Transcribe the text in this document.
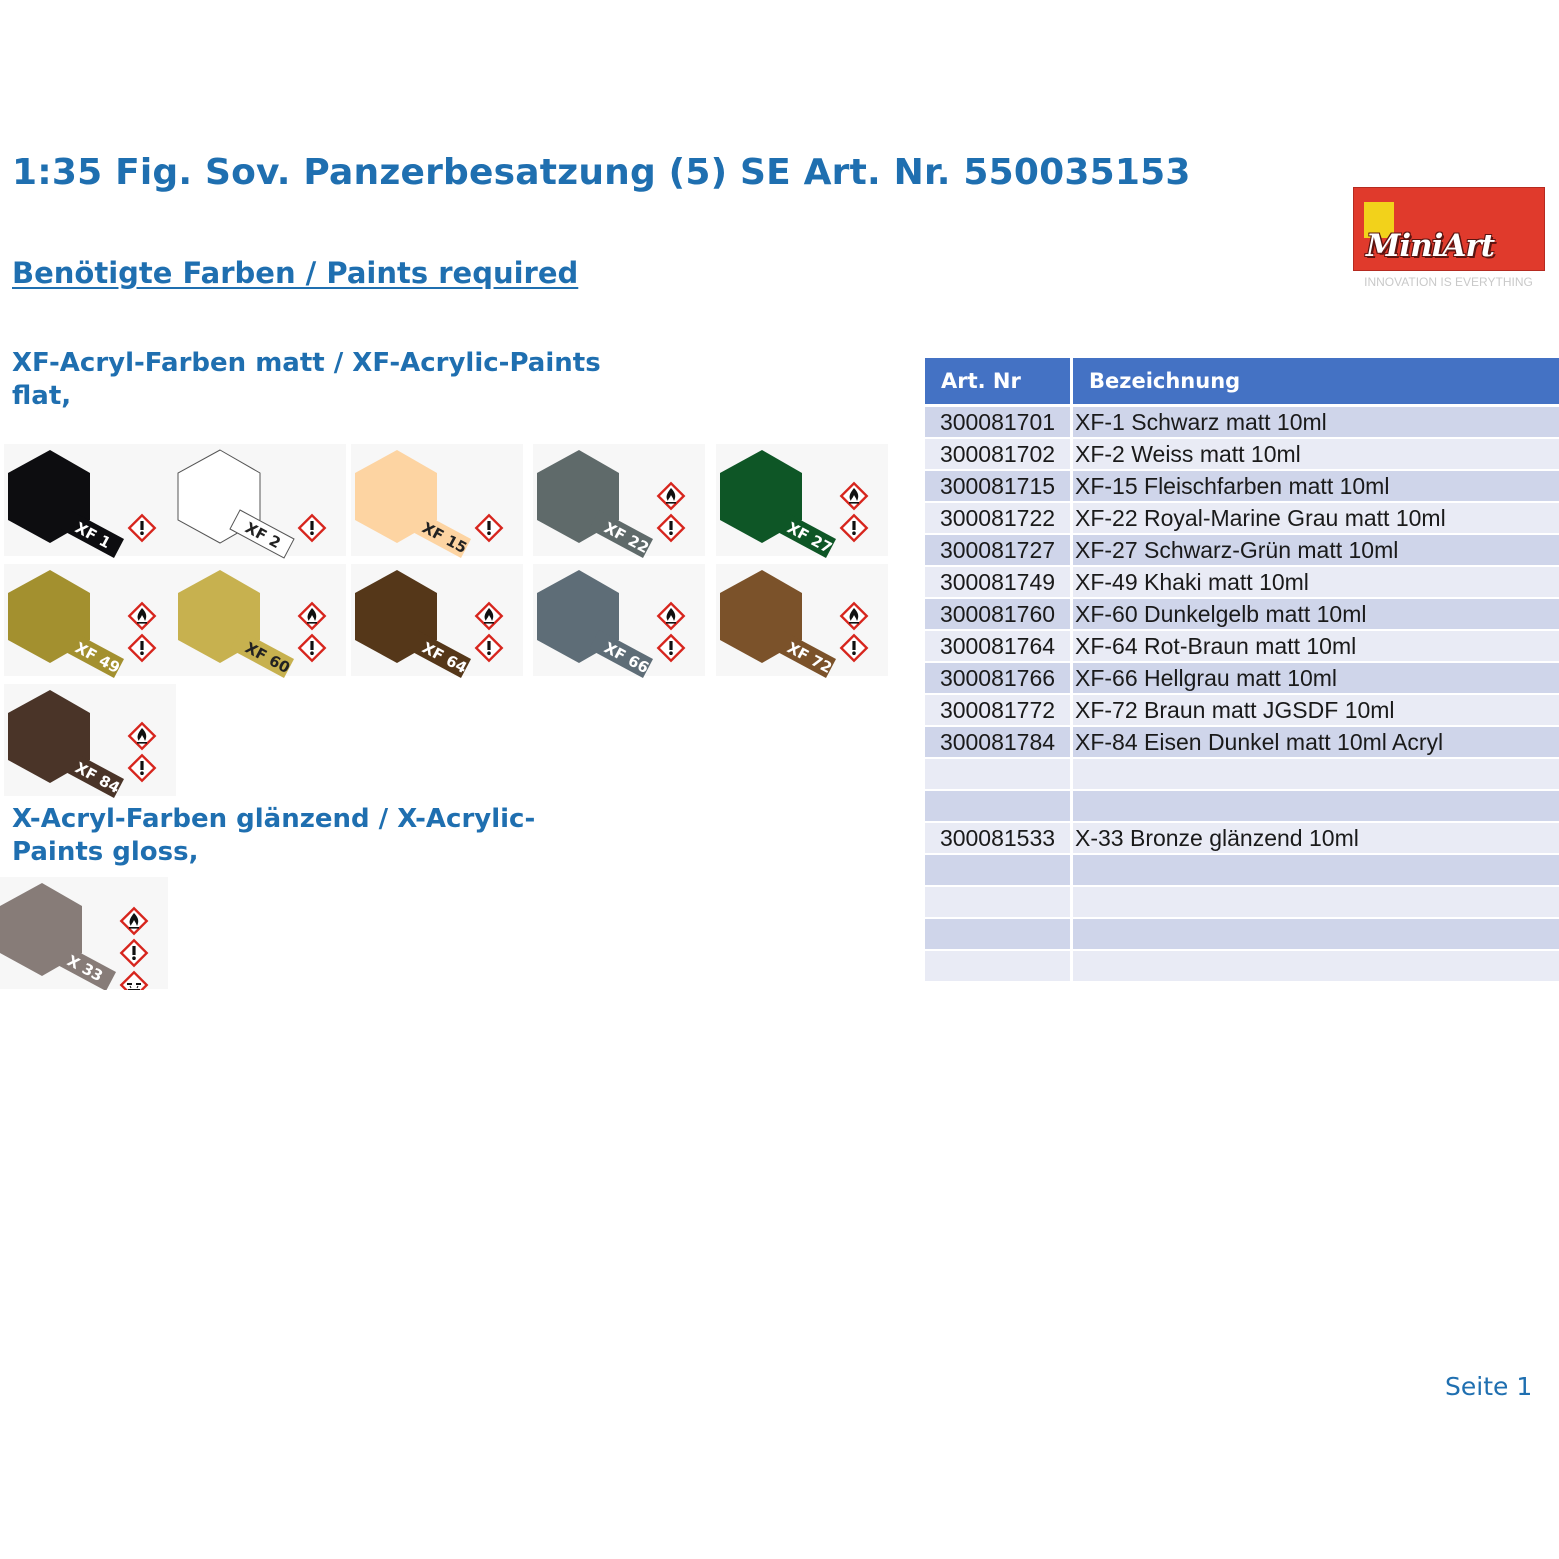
1:35 Fig. Sov. Panzerbesatzung (5) SE Art. Nr. 550035153
Benötigte Farben / Paints required
MiniArt
INNOVATION IS EVERYTHING
XF-Acryl-Farben matt / XF-Acrylic-Paints flat,
X-Acryl-Farben glänzend / X-Acrylic-Paints gloss,
XF 1	XF 2	XF 15	XF 22	XF 27
XF 49	XF 60	XF 64	XF 66	XF 72
XF 84
X 33
Art. Nr	Bezeichnung
300081701	XF-1 Schwarz matt 10ml
300081702	XF-2 Weiss matt 10ml
300081715	XF-15 Fleischfarben matt 10ml
300081722	XF-22 Royal-Marine Grau matt 10ml
300081727	XF-27 Schwarz-Grün matt 10ml
300081749	XF-49 Khaki matt 10ml
300081760	XF-60 Dunkelgelb matt 10ml
300081764	XF-64 Rot-Braun matt 10ml
300081766	XF-66 Hellgrau matt 10ml
300081772	XF-72 Braun matt JGSDF 10ml
300081784	XF-84 Eisen Dunkel matt 10ml Acryl

300081533	X-33 Bronze glänzend 10ml

Seite 1
